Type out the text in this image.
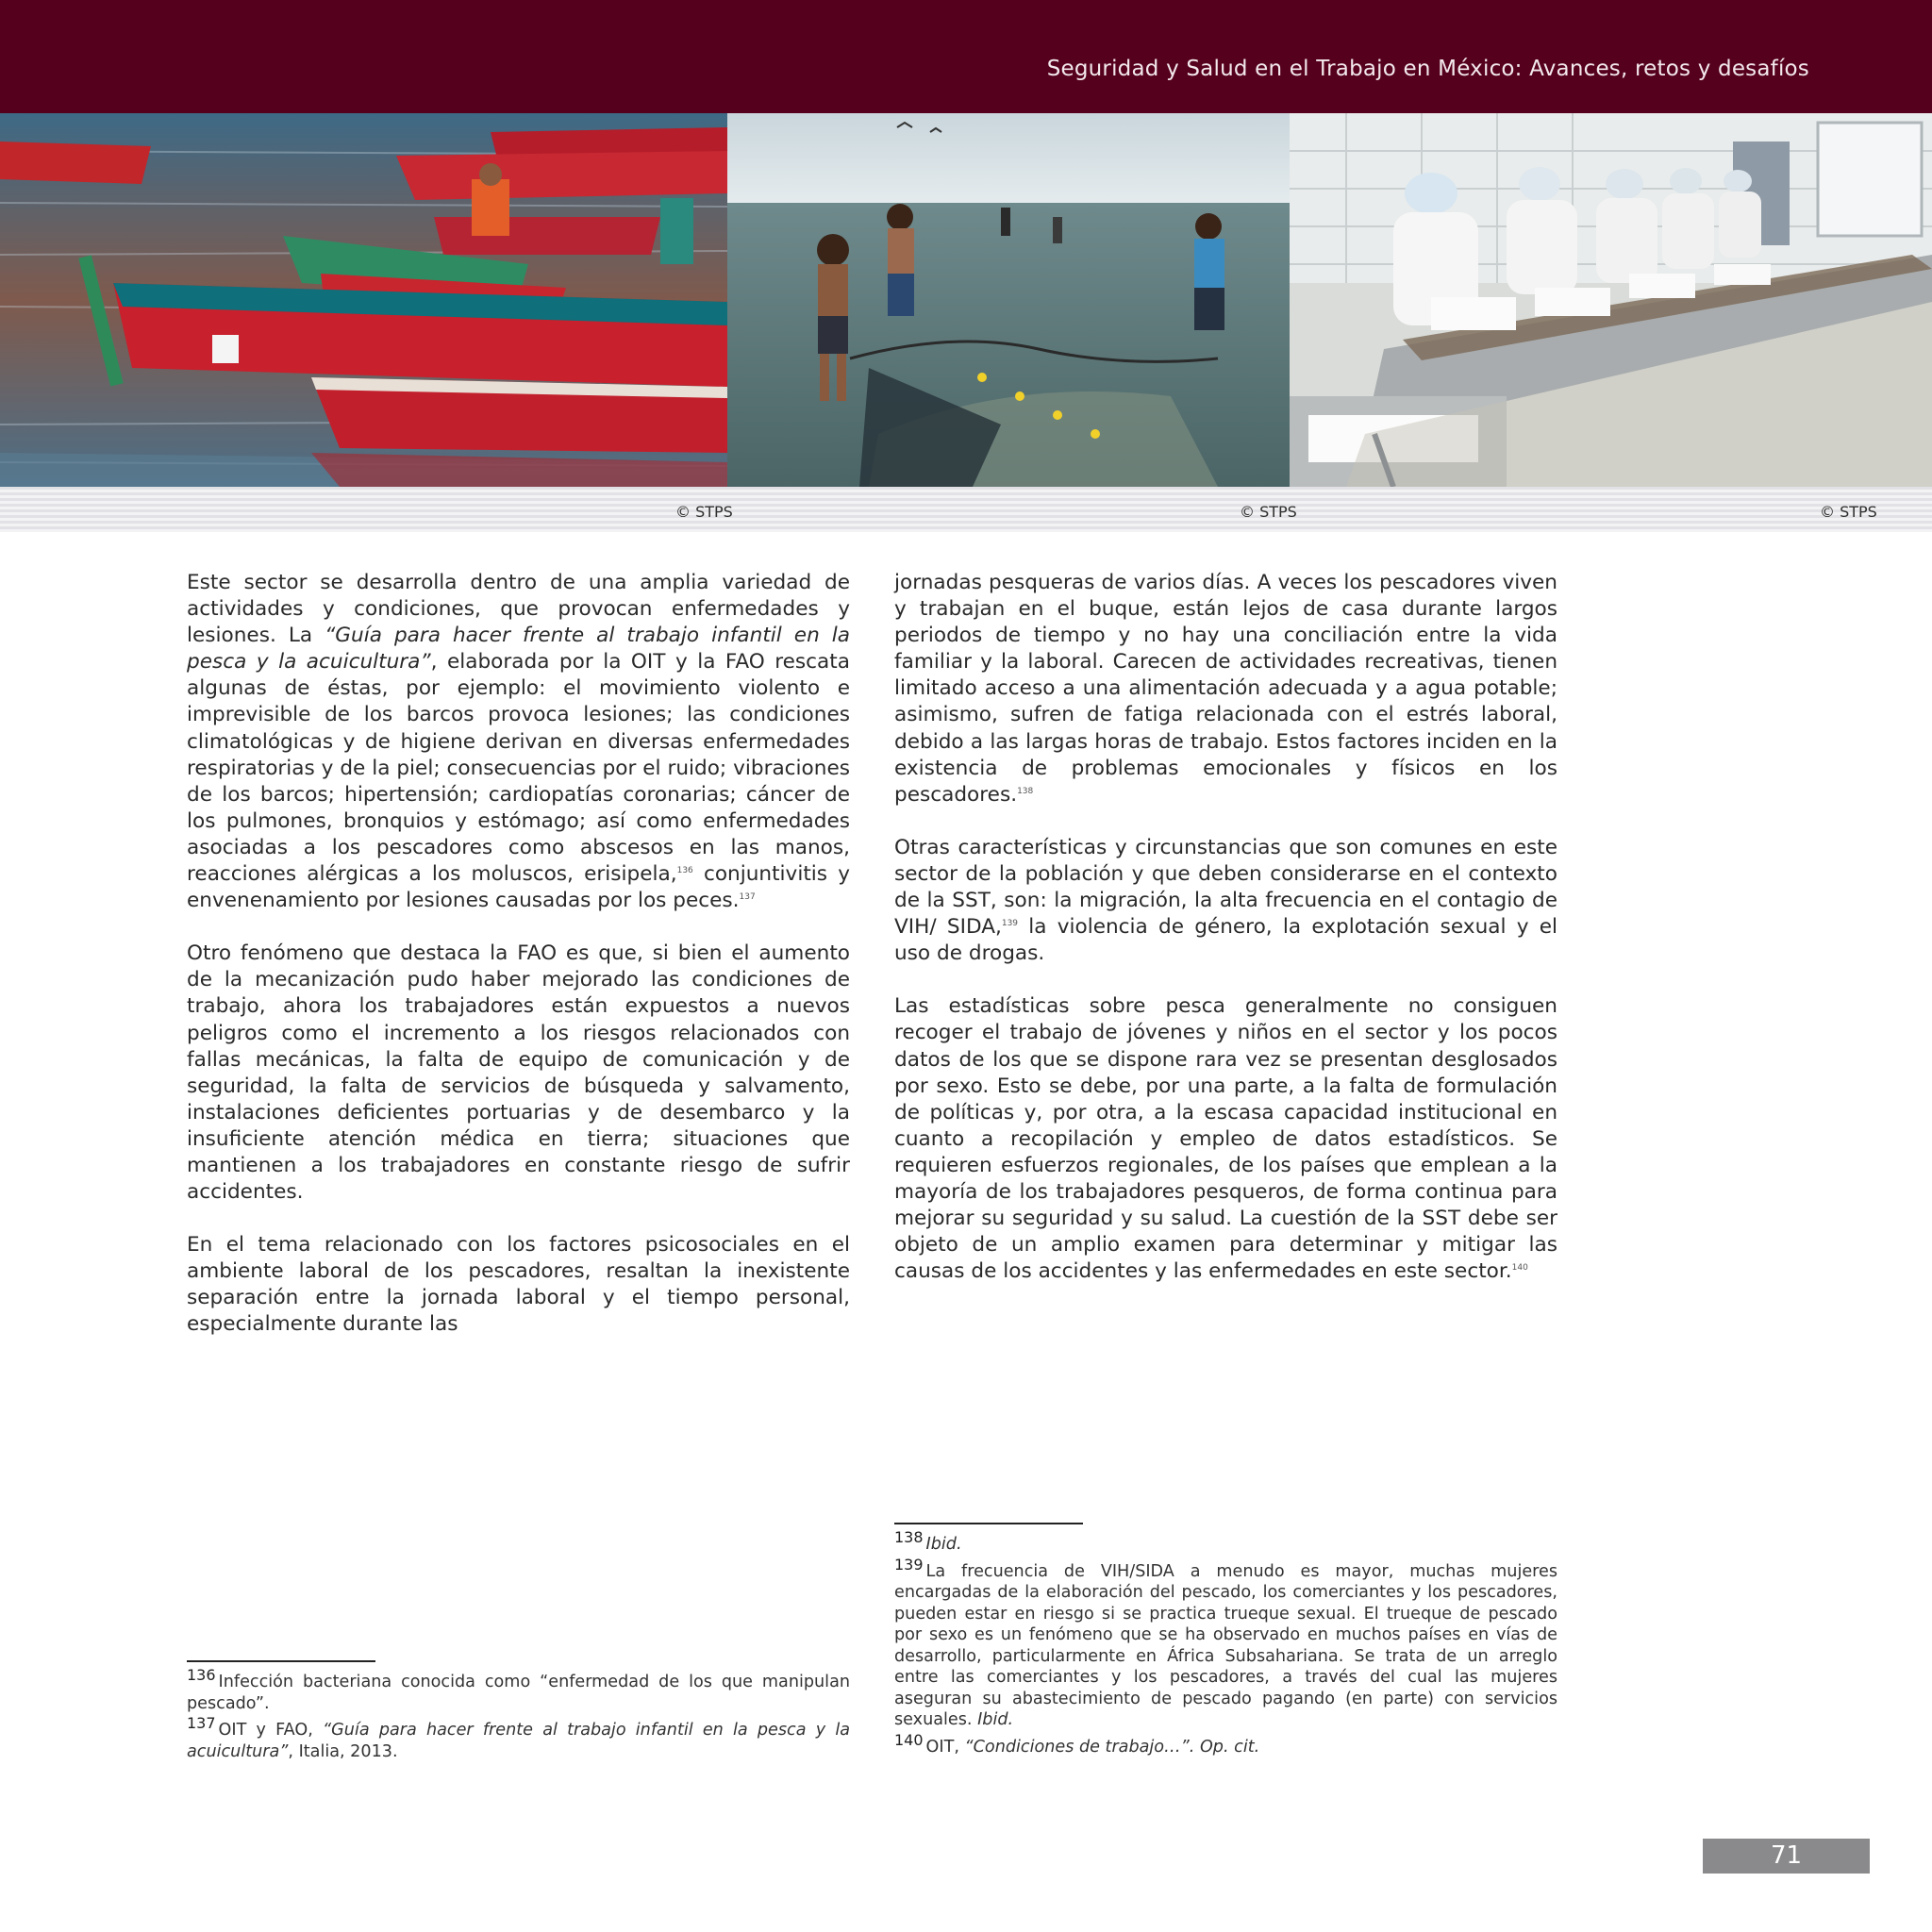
Seguridad y Salud en el Trabajo en México: Avances, retos y desafíos
© STPS	© STPS	© STPS

Este sector se desarrolla dentro de una amplia variedad de actividades y condiciones, que provocan enfermedades y lesiones. La “Guía para hacer frente al trabajo infantil en la pesca y la acuicultura”, elaborada por la OIT y la FAO rescata algunas de éstas, por ejemplo: el movimiento violento e imprevisible de los barcos provoca lesiones; las condiciones climatológicas y de higiene derivan en diversas enfermedades respiratorias y de la piel; consecuencias por el ruido; vibraciones de los barcos; hipertensión; cardiopatías coronarias; cáncer de los pulmones, bronquios y estómago; así como enfermedades asociadas a los pescadores como abscesos en las manos, reacciones alérgicas a los moluscos, erisipela,$^{136}$ conjuntivitis y envenenamiento por lesiones causadas por los peces.$^{137}$

Otro fenómeno que destaca la FAO es que, si bien el aumento de la mecanización pudo haber mejorado las condiciones de trabajo, ahora los trabajadores están expuestos a nuevos peligros como el incremento a los riesgos relacionados con fallas mecánicas, la falta de equipo de comunicación y de seguridad, la falta de servicios de búsqueda y salvamento, instalaciones deficientes portuarias y de desembarco y la insuficiente atención médica en tierra; situaciones que mantienen a los trabajadores en constante riesgo de sufrir accidentes.

En el tema relacionado con los factores psicosociales en el ambiente laboral de los pescadores, resaltan la inexistente separación entre la jornada laboral y el tiempo personal, especialmente durante las

jornadas pesqueras de varios días. A veces los pescadores viven y trabajan en el buque, están lejos de casa durante largos periodos de tiempo y no hay una conciliación entre la vida familiar y la laboral. Carecen de actividades recreativas, tienen limitado acceso a una alimentación adecuada y a agua potable; asimismo, sufren de fatiga relacionada con el estrés laboral, debido a las largas horas de trabajo. Estos factores inciden en la existencia de problemas emocionales y físicos en los pescadores.$^{138}$

Otras características y circunstancias que son comunes en este sector de la población y que deben considerarse en el contexto de la SST, son: la migración, la alta frecuencia en el contagio de VIH/ SIDA,$^{139}$ la violencia de género, la explotación sexual y el uso de drogas.

Las estadísticas sobre pesca generalmente no consiguen recoger el trabajo de jóvenes y niños en el sector y los pocos datos de los que se dispone rara vez se presentan desglosados por sexo. Esto se debe, por una parte, a la falta de formulación de políticas y, por otra, a la escasa capacidad institucional en cuanto a recopilación y empleo de datos estadísticos. Se requieren esfuerzos regionales, de los países que emplean a la mayoría de los trabajadores pesqueros, de forma continua para mejorar su seguridad y su salud. La cuestión de la SST debe ser objeto de un amplio examen para determinar y mitigar las causas de los accidentes y las enfermedades en este sector.$^{140}$

136 Infección bacteriana conocida como “enfermedad de los que manipulan pescado”.

137 OIT y FAO, “Guía para hacer frente al trabajo infantil en la pesca y la acuicultura”, Italia, 2013.

138 Ibid.

139 La frecuencia de VIH/SIDA a menudo es mayor, muchas mujeres encargadas de la elaboración del pescado, los comerciantes y los pescadores, pueden estar en riesgo si se practica trueque sexual. El trueque de pescado por sexo es un fenómeno que se ha observado en muchos países en vías de desarrollo, particularmente en África Subsahariana. Se trata de un arreglo entre las comerciantes y los pescadores, a través del cual las mujeres aseguran su abastecimiento de pescado pagando (en parte) con servicios sexuales. Ibid.

140 OIT, “Condiciones de trabajo…”. Op. cit.

71
